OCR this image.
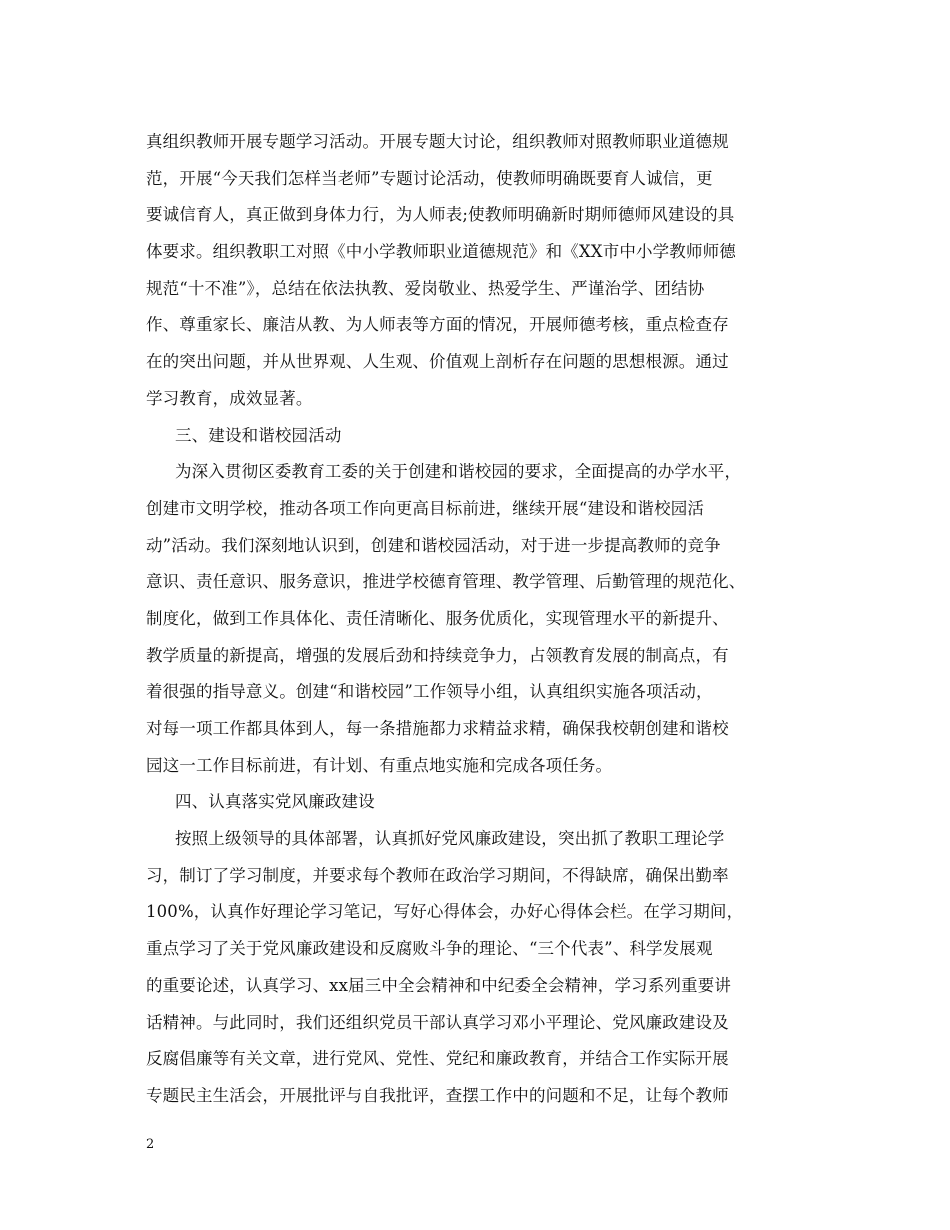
真组织教师开展专题学习活动。开展专题大讨论，组织教师对照教师职业道德规
范，开展“今天我们怎样当老师”专题讨论活动，使教师明确既要育人诚信，更
要诚信育人，真正做到身体力行，为人师表;使教师明确新时期师德师风建设的具
体要求。组织教职工对照《中小学教师职业道德规范》和《XX市中小学教师师德
规范“十不准”》，总结在依法执教、爱岗敬业、热爱学生、严谨治学、团结协
作、尊重家长、廉洁从教、为人师表等方面的情况，开展师德考核，重点检查存
在的突出问题，并从世界观、人生观、价值观上剖析存在问题的思想根源。通过
学习教育，成效显著。
三、建设和谐校园活动
为深入贯彻区委教育工委的关于创建和谐校园的要求，全面提高的办学水平，
创建市文明学校，推动各项工作向更高目标前进，继续开展“建设和谐校园活
动”活动。我们深刻地认识到，创建和谐校园活动，对于进一步提高教师的竞争
意识、责任意识、服务意识，推进学校德育管理、教学管理、后勤管理的规范化、
制度化，做到工作具体化、责任清晰化、服务优质化，实现管理水平的新提升、
教学质量的新提高，增强的发展后劲和持续竞争力，占领教育发展的制高点，有
着很强的指导意义。创建“和谐校园”工作领导小组，认真组织实施各项活动，
对每一项工作都具体到人，每一条措施都力求精益求精，确保我校朝创建和谐校
园这一工作目标前进，有计划、有重点地实施和完成各项任务。
四、认真落实党风廉政建设
按照上级领导的具体部署，认真抓好党风廉政建设，突出抓了教职工理论学
习，制订了学习制度，并要求每个教师在政治学习期间，不得缺席，确保出勤率
100%，认真作好理论学习笔记，写好心得体会，办好心得体会栏。在学习期间，
重点学习了关于党风廉政建设和反腐败斗争的理论、“三个代表”、科学发展观
的重要论述，认真学习、xx届三中全会精神和中纪委全会精神，学习系列重要讲
话精神。与此同时，我们还组织党员干部认真学习邓小平理论、党风廉政建设及
反腐倡廉等有关文章，进行党风、党性、党纪和廉政教育，并结合工作实际开展
专题民主生活会，开展批评与自我批评，查摆工作中的问题和不足，让每个教师
2
